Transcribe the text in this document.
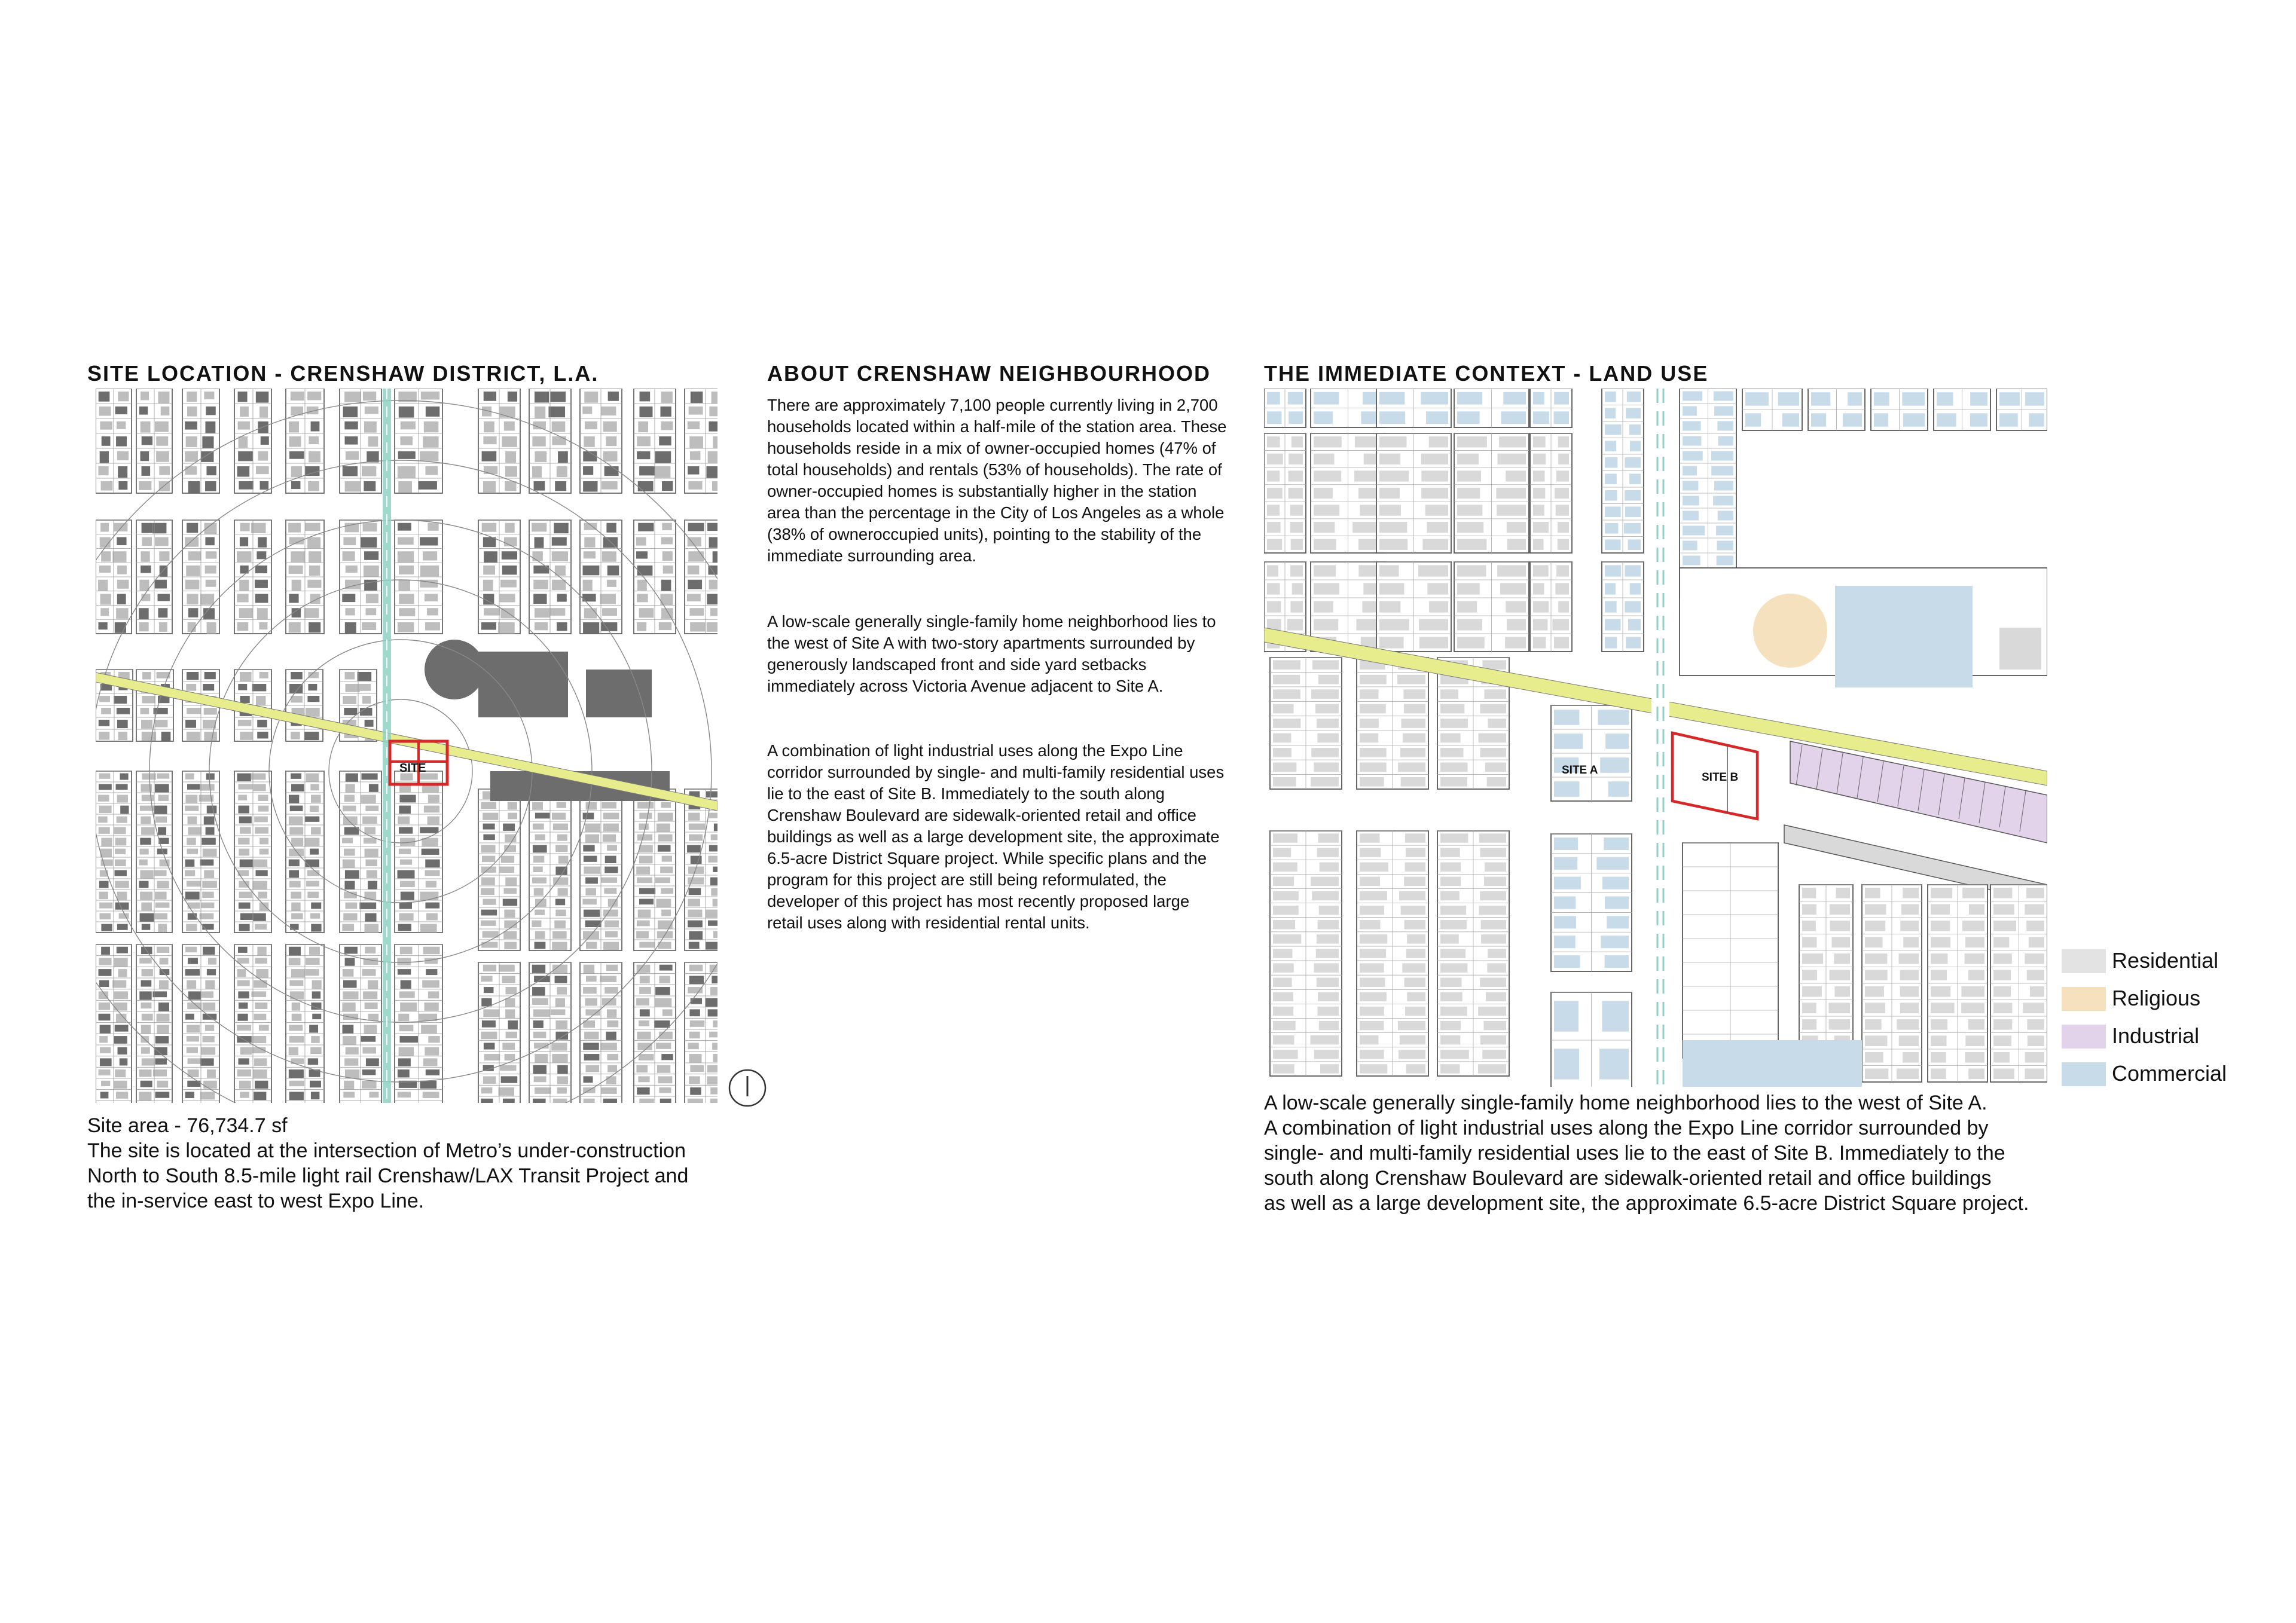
SITE LOCATION - CRENSHAW DISTRICT, L.A.
SITE
Site area - 76,734.7 sf
The site is located at the intersection of Metro’s under-construction
North to South 8.5-mile light rail Crenshaw/LAX Transit Project and
the in-service east to west Expo Line.
ABOUT CRENSHAW NEIGHBOURHOOD

There are approximately 7,100 people currently living in 2,700 households located within a half-mile of the station area. These households reside in a mix of owner-occupied homes (47% of total households) and rentals (53% of households). The rate of owner-occupied homes is substantially higher in the station area than the percentage in the City of Los Angeles as a whole (38% of owneroccupied units), pointing to the stability of the immediate surrounding area.

A low-scale generally single-family home neighborhood lies to the west of Site A with two-story apartments surrounded by generously landscaped front and side yard setbacks immediately across Victoria Avenue adjacent to Site A.

A combination of light industrial uses along the Expo Line corridor surrounded by single- and multi-family residential uses lie to the east of Site B. Immediately to the south along Crenshaw Boulevard are sidewalk-oriented retail and office buildings as well as a large development site, the approximate 6.5-acre District Square project. While specific plans and the program for this project are still being reformulated, the developer of this project has most recently proposed large retail uses along with residential rental units.

THE IMMEDIATE CONTEXT - LAND USE
SITE A
SITE B
Residential
Religious
Industrial
Commercial
A low-scale generally single-family home neighborhood lies to the west of Site A.
A combination of light industrial uses along the Expo Line corridor surrounded by
single- and multi-family residential uses lie to the east of Site B. Immediately to the
south along Crenshaw Boulevard are sidewalk-oriented retail and office buildings
as well as a large development site, the approximate 6.5-acre District Square project.
